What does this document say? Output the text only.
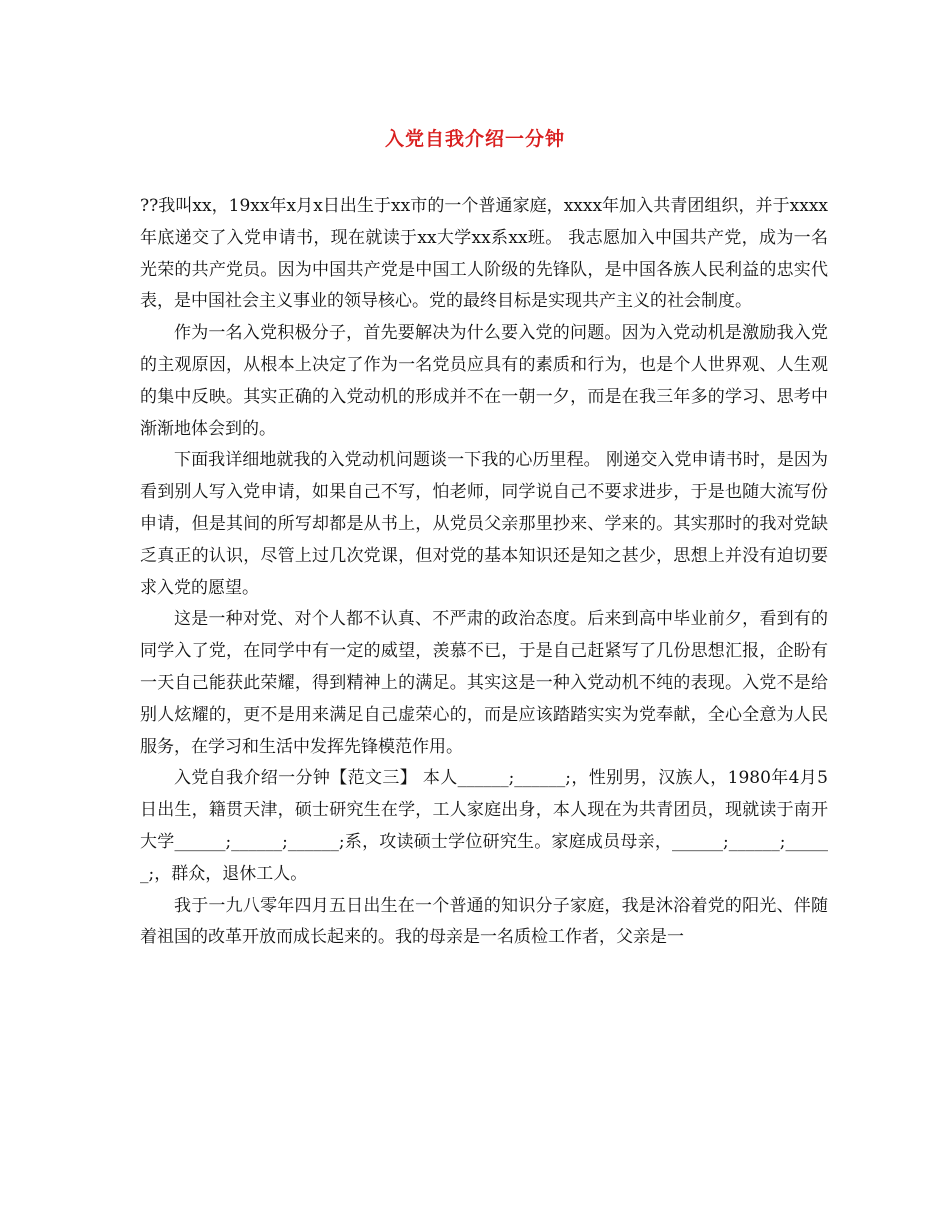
入党自我介绍一分钟

??我叫xx，19xx年x月x日出生于xx市的一个普通家庭，xxxx年加入共青团组织，并于xxxx年底递交了入党申请书，现在就读于xx大学xx系xx班。 我志愿加入中国共产党，成为一名光荣的共产党员。因为中国共产党是中国工人阶级的先锋队，是中国各族人民利益的忠实代表，是中国社会主义事业的领导核心。党的最终目标是实现共产主义的社会制度。

作为一名入党积极分子，首先要解决为什么要入党的问题。因为入党动机是激励我入党的主观原因，从根本上决定了作为一名党员应具有的素质和行为，也是个人世界观、人生观的集中反映。其实正确的入党动机的形成并不在一朝一夕，而是在我三年多的学习、思考中渐渐地体会到的。

下面我详细地就我的入党动机问题谈一下我的心历里程。 刚递交入党申请书时，是因为看到别人写入党申请，如果自己不写，怕老师，同学说自己不要求进步，于是也随大流写份申请，但是其间的所写却都是从书上，从党员父亲那里抄来、学来的。其实那时的我对党缺乏真正的认识，尽管上过几次党课，但对党的基本知识还是知之甚少，思想上并没有迫切要求入党的愿望。

这是一种对党、对个人都不认真、不严肃的政治态度。后来到高中毕业前夕，看到有的同学入了党，在同学中有一定的威望，羡慕不已，于是自己赶紧写了几份思想汇报，企盼有一天自己能获此荣耀，得到精神上的满足。其实这是一种入党动机不纯的表现。入党不是给别人炫耀的，更不是用来满足自己虚荣心的，而是应该踏踏实实为党奉献，全心全意为人民服务，在学习和生活中发挥先锋模范作用。

入党自我介绍一分钟【范文三】 本人______;______;，性别男，汉族人，1980年4月5日出生，籍贯天津，硕士研究生在学，工人家庭出身，本人现在为共青团员，现就读于南开大学______;______;______;系，攻读硕士学位研究生。家庭成员母亲，______;______;______;，群众，退休工人。

我于一九八零年四月五日出生在一个普通的知识分子家庭，我是沐浴着党的阳光、伴随着祖国的改革开放而成长起来的。我的母亲是一名质检工作者，父亲是一
